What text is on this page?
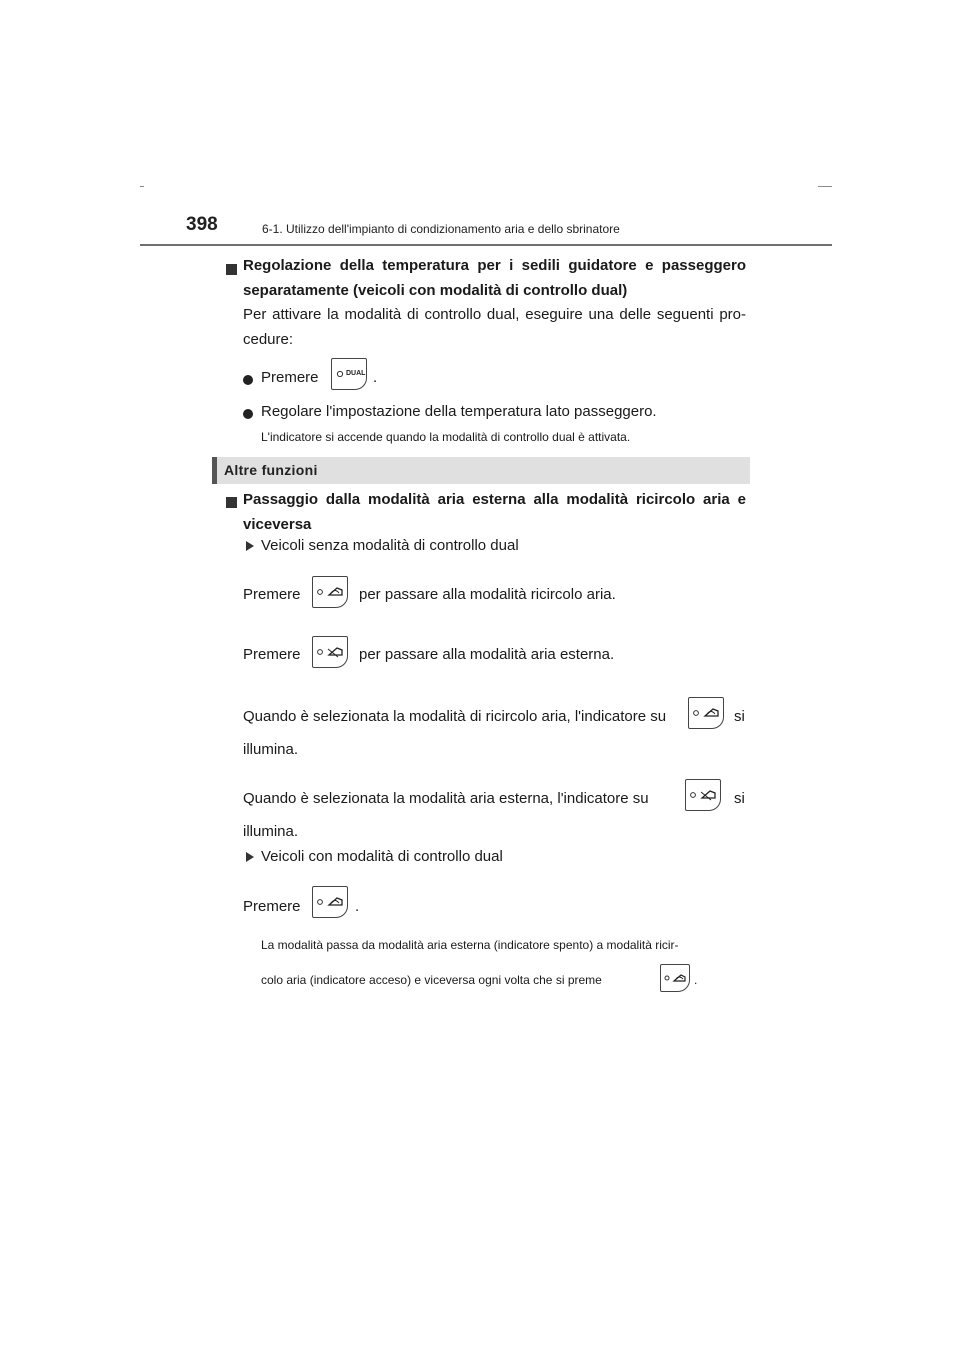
398	6-1. Utilizzo dell'impianto di condizionamento aria e dello sbrinatore
Regolazione della temperatura per i sedili guidatore e passeggero separatamente (veicoli con modalità di controllo dual)
Per attivare la modalità di controllo dual, eseguire una delle seguenti pro-cedure:
Premere	DUAL .
Regolare l'impostazione della temperatura lato passeggero.
L'indicatore si accende quando la modalità di controllo dual è attivata.
Altre funzioni
Passaggio dalla modalità aria esterna alla modalità ricircolo aria e viceversa
Veicoli senza modalità di controllo dual
Premere	per passare alla modalità ricircolo aria.
Premere	per passare alla modalità aria esterna.
Quando è selezionata la modalità di ricircolo aria, l'indicatore su	si
illumina.
Quando è selezionata la modalità aria esterna, l'indicatore su	si
illumina.
Veicoli con modalità di controllo dual
Premere	.
La modalità passa da modalità aria esterna (indicatore spento) a modalità ricir-
colo aria (indicatore acceso) e viceversa ogni volta che si preme	.
